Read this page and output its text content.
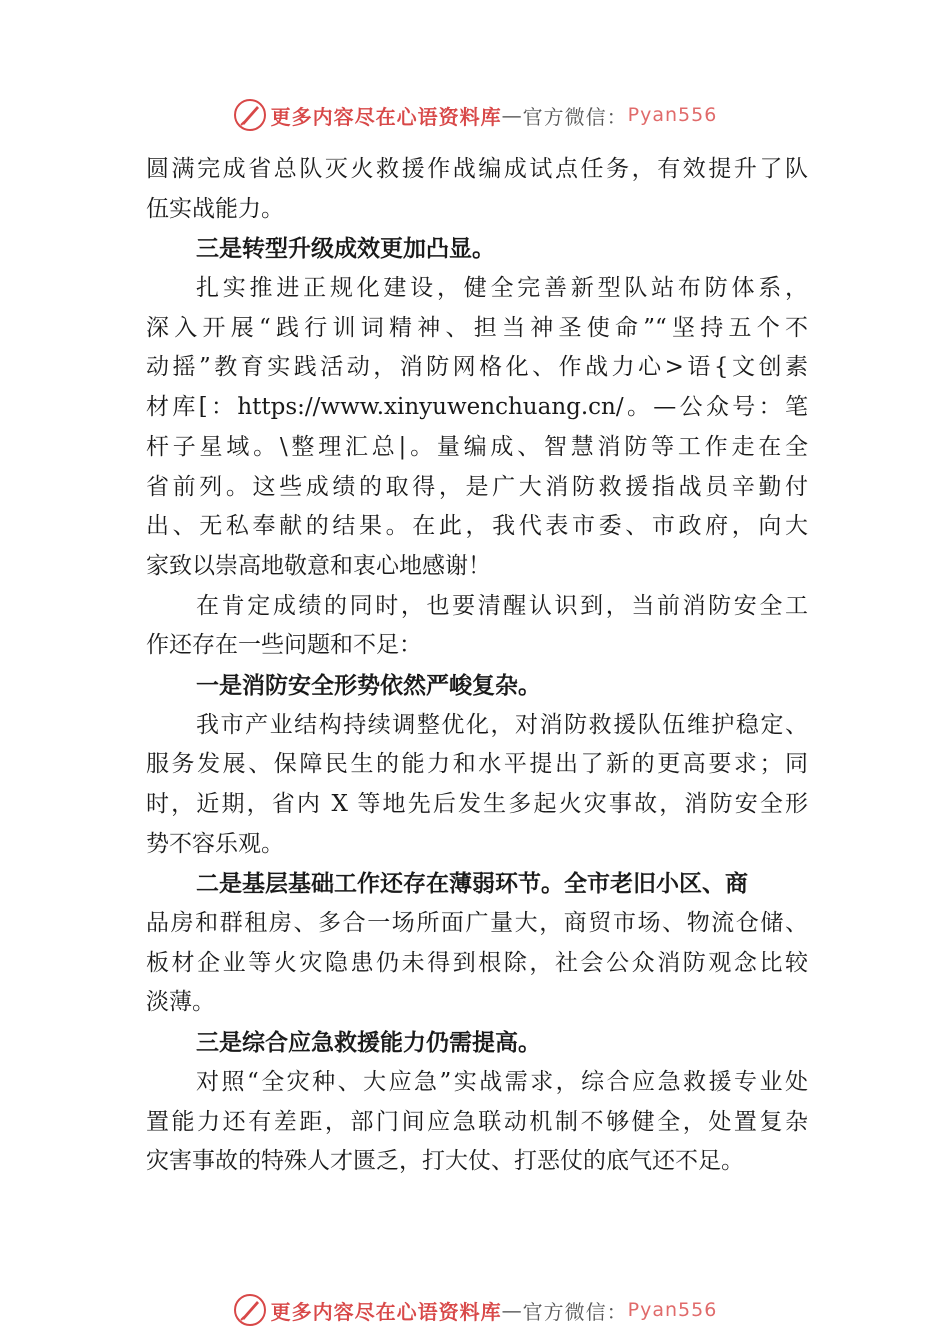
更多内容尽在心语资料库 — 官方微信： Pyan556
圆满完成省总队灭火救援作战编成试点任务，有效提升了队
伍实战能力。
三是转型升级成效更加凸显。
扎实推进正规化建设，健全完善新型队站布防体系，
深入开展“践行训词精神、担当神圣使命”“坚持五个不
动摇”教育实践活动，消防网格化、作战力心>语{文创素
材库[：https://www.xinyuwenchuang.cn/。—公众号：笔
杆子星域。\整理汇总|。量编成、智慧消防等工作走在全
省前列。这些成绩的取得，是广大消防救援指战员辛勤付
出、无私奉献的结果。在此，我代表市委、市政府，向大
家致以崇高地敬意和衷心地感谢！
在肯定成绩的同时，也要清醒认识到，当前消防安全工
作还存在一些问题和不足：
一是消防安全形势依然严峻复杂。
我市产业结构持续调整优化，对消防救援队伍维护稳定、
服务发展、保障民生的能力和水平提出了新的更高要求；同
时，近期，省内 X 等地先后发生多起火灾事故，消防安全形
势不容乐观。
二是基层基础工作还存在薄弱环节。全市老旧小区、商
品房和群租房、多合一场所面广量大，商贸市场、物流仓储、
板材企业等火灾隐患仍未得到根除，社会公众消防观念比较
淡薄。
三是综合应急救援能力仍需提高。
对照“全灾种、大应急”实战需求，综合应急救援专业处
置能力还有差距，部门间应急联动机制不够健全，处置复杂
灾害事故的特殊人才匮乏，打大仗、打恶仗的底气还不足。
更多内容尽在心语资料库 — 官方微信： Pyan556
